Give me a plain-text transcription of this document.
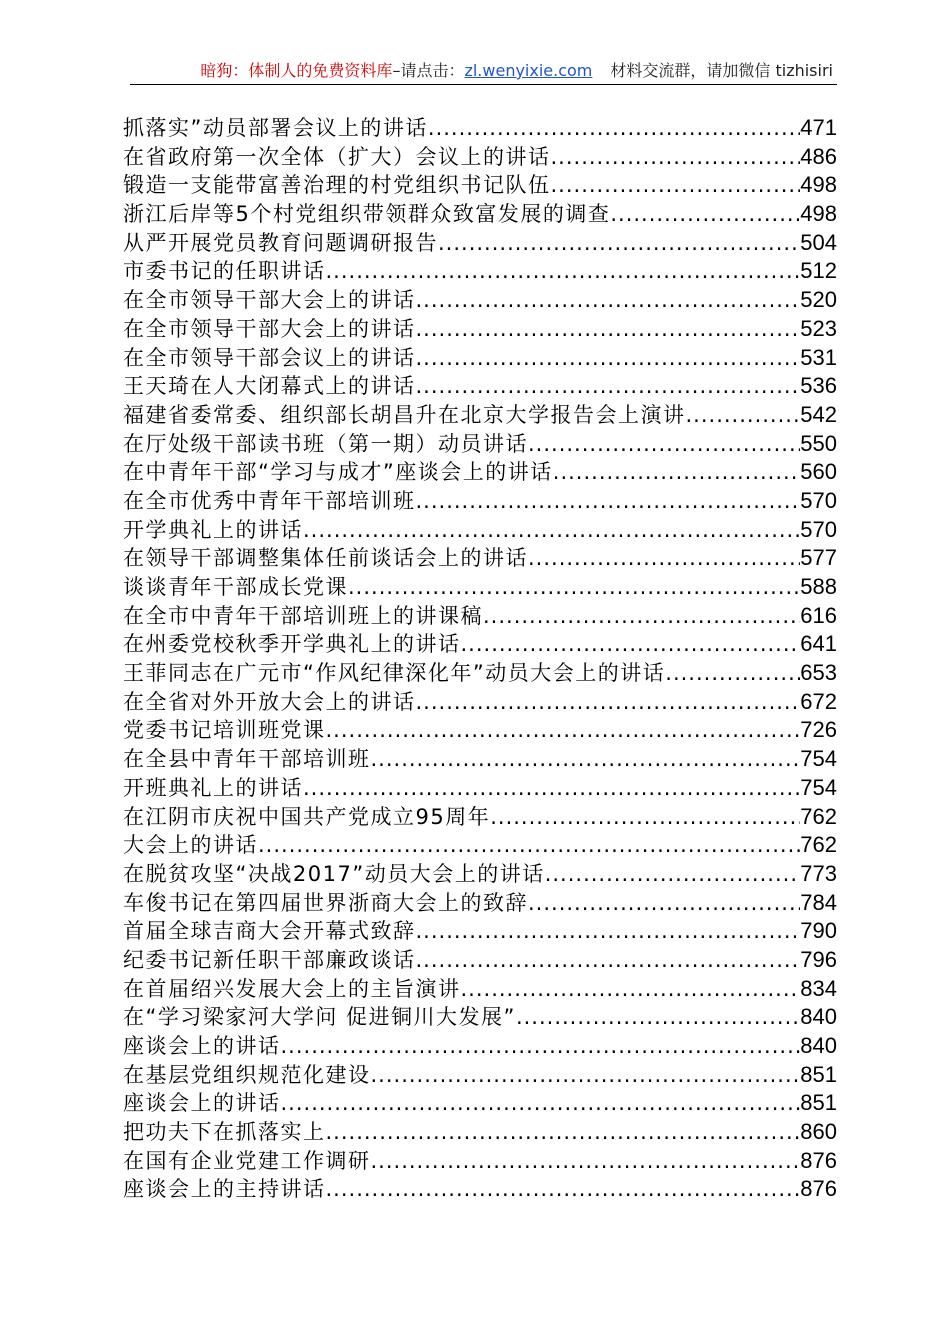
暗狗：体制人的免费资料库–请点击：zl.wenyixie.com 材料交流群，请加微信 tizhisiri
抓落实”动员部署会议上的讲话 .....	471
在省政府第一次全体（扩大）会议上的讲话 .....	486
锻造一支能带富善治理的村党组织书记队伍 .....	498
浙江后岸等5个村党组织带领群众致富发展的调查 .....	498
从严开展党员教育问题调研报告 .....	504
市委书记的任职讲话 .....	512
在全市领导干部大会上的讲话 .....	520
在全市领导干部大会上的讲话 .....	523
在全市领导干部会议上的讲话 .....	531
王天琦在人大闭幕式上的讲话 .....	536
福建省委常委、组织部长胡昌升在北京大学报告会上演讲 .....	542
在厅处级干部读书班（第一期）动员讲话 .....	550
在中青年干部“学习与成才”座谈会上的讲话 .....	560
在全市优秀中青年干部培训班 .....	570
开学典礼上的讲话 .....	570
在领导干部调整集体任前谈话会上的讲话 .....	577
谈谈青年干部成长党课 .....	588
在全市中青年干部培训班上的讲课稿 .....	616
在州委党校秋季开学典礼上的讲话 .....	641
王菲同志在广元市“作风纪律深化年”动员大会上的讲话 .....	653
在全省对外开放大会上的讲话 .....	672
党委书记培训班党课 .....	726
在全县中青年干部培训班 .....	754
开班典礼上的讲话 .....	754
在江阴市庆祝中国共产党成立95周年 .....	762
大会上的讲话 .....	762
在脱贫攻坚“决战2017”动员大会上的讲话 .....	773
车俊书记在第四届世界浙商大会上的致辞 .....	784
首届全球吉商大会开幕式致辞 .....	790
纪委书记新任职干部廉政谈话 .....	796
在首届绍兴发展大会上的主旨演讲 .....	834
在“学习梁家河大学问 促进铜川大发展” .....	840
座谈会上的讲话 .....	840
在基层党组织规范化建设 .....	851
座谈会上的讲话 .....	851
把功夫下在抓落实上 .....	860
在国有企业党建工作调研 .....	876
座谈会上的主持讲话 .....	876
